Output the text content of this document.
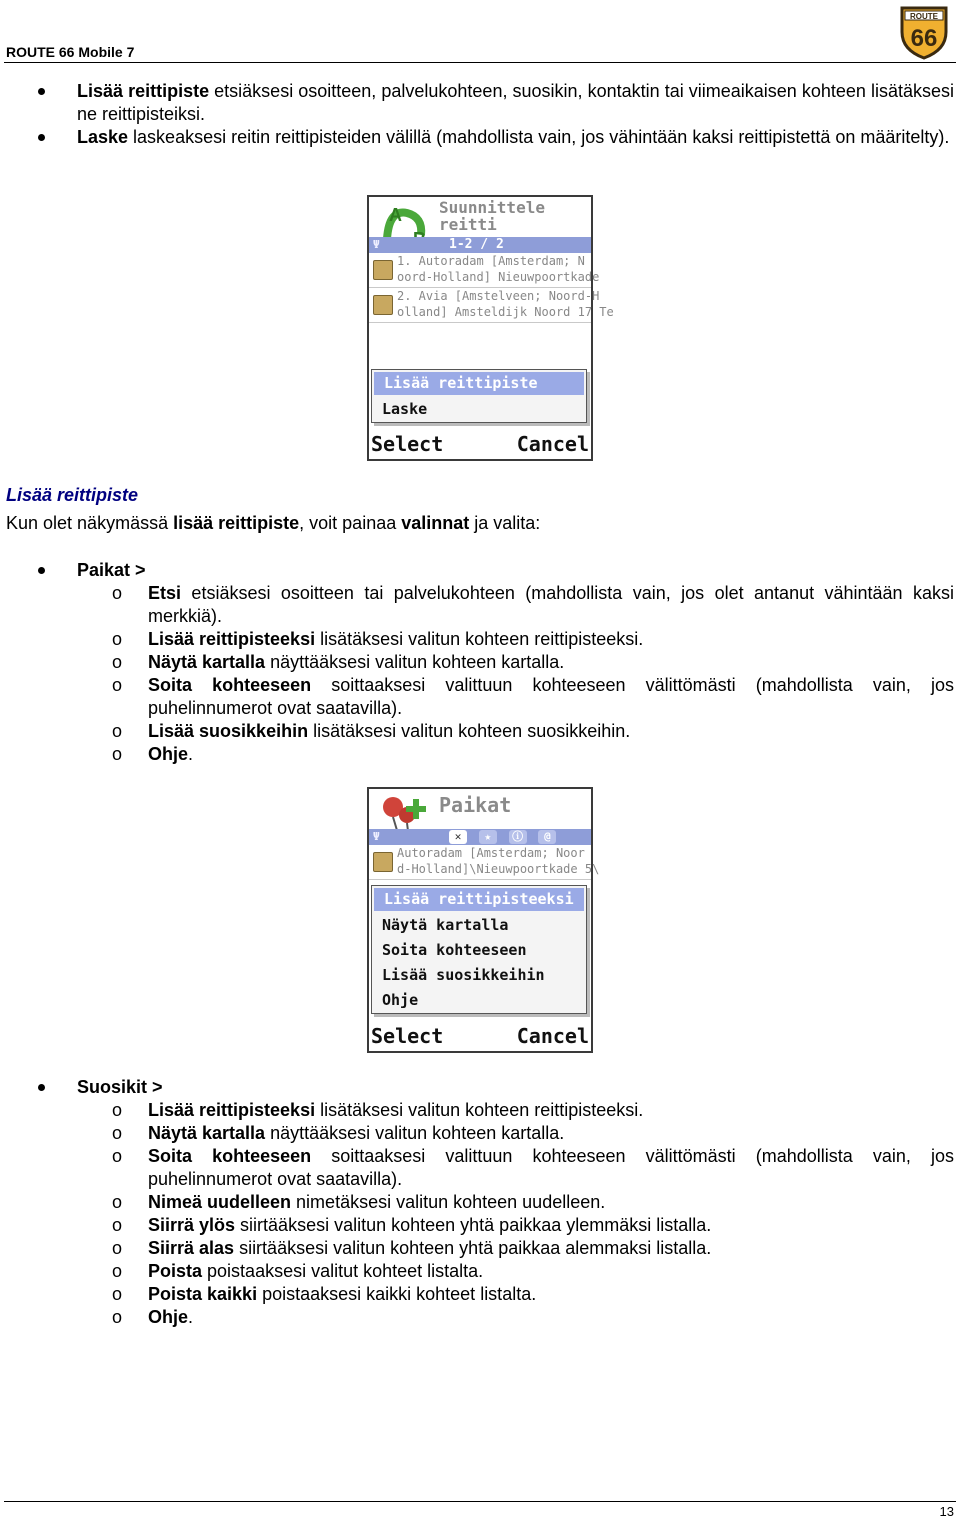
ROUTE 66 Mobile 7
ROUTE
66

Lisää reittipiste etsiäksesi osoitteen, palvelukohteen, suosikin, kontaktin tai viimeaikaisen kohteen lisätäksesi ne reittipisteiksi.

Laske laskeaksesi reitin reittipisteiden välillä (mahdollista vain, jos vähintään kaksi reittipistettä on määritelty).

A Suunnittele
reitti
Ψ	1-2 / 2
1. Autoradam [Amsterdam; N
oord-Holland] Nieuwpoortkade
2. Avia [Amstelveen; Noord-H
olland] Amsteldijk Noord 17 Te
Lisää reittipiste
Laske
Select	Cancel

Lisää reittipiste

Kun olet näkymässä lisää reittipiste, voit painaa valinnat ja valita:

Paikat >

o Etsi etsiäksesi osoitteen tai palvelukohteen (mahdollista vain, jos olet antanut vähintään kaksi merkkiä).

o Lisää reittipisteeksi lisätäksesi valitun kohteen reittipisteeksi.

o Näytä kartalla näyttääksesi valitun kohteen kartalla.

o Soita kohteeseen soittaaksesi valittuun kohteeseen välittömästi (mahdollista vain, jos puhelinnumerot ovat saatavilla).

o Lisää suosikkeihin lisätäksesi valitun kohteen suosikkeihin.

o Ohje.

Paikat
Ψ	✕ ★ ⓘ @
Autoradam [Amsterdam; Noor
d-Holland]\Nieuwpoortkade 5\
Lisää reittipisteeksi
Näytä kartalla
Soita kohteeseen
Lisää suosikkeihin
Ohje
Select	Cancel

Suosikit >

o Lisää reittipisteeksi lisätäksesi valitun kohteen reittipisteeksi.

o Näytä kartalla näyttääksesi valitun kohteen kartalla.

o Soita kohteeseen soittaaksesi valittuun kohteeseen välittömästi (mahdollista vain, jos puhelinnumerot ovat saatavilla).

o Nimeä uudelleen nimetäksesi valitun kohteen uudelleen.

o Siirrä ylös siirtääksesi valitun kohteen yhtä paikkaa ylemmäksi listalla.

o Siirrä alas siirtääksesi valitun kohteen yhtä paikkaa alemmaksi listalla.

o Poista poistaaksesi valitut kohteet listalta.

o Poista kaikki poistaaksesi kaikki kohteet listalta.

o Ohje.

13
